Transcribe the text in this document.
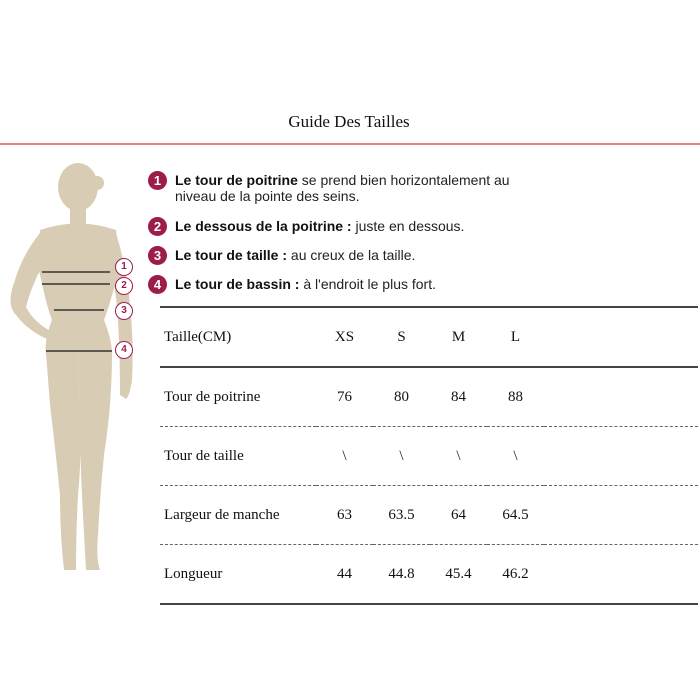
Guide Des Tailles
1
2
3
4
1 Le tour de poitrine se prend bien horizontalement au niveau de la pointe des seins.
2 Le dessous de la poitrine : juste en dessous.
3 Le tour de taille : au creux de la taille.
4 Le tour de bassin : à l'endroit le plus fort.
Taille(CM)	XS	S	M	L	
Tour de poitrine	76	80	84	88	
Tour de taille	\	\	\	\	
Largeur de manche	63	63.5	64	64.5	
Longueur	44	44.8	45.4	46.2	
